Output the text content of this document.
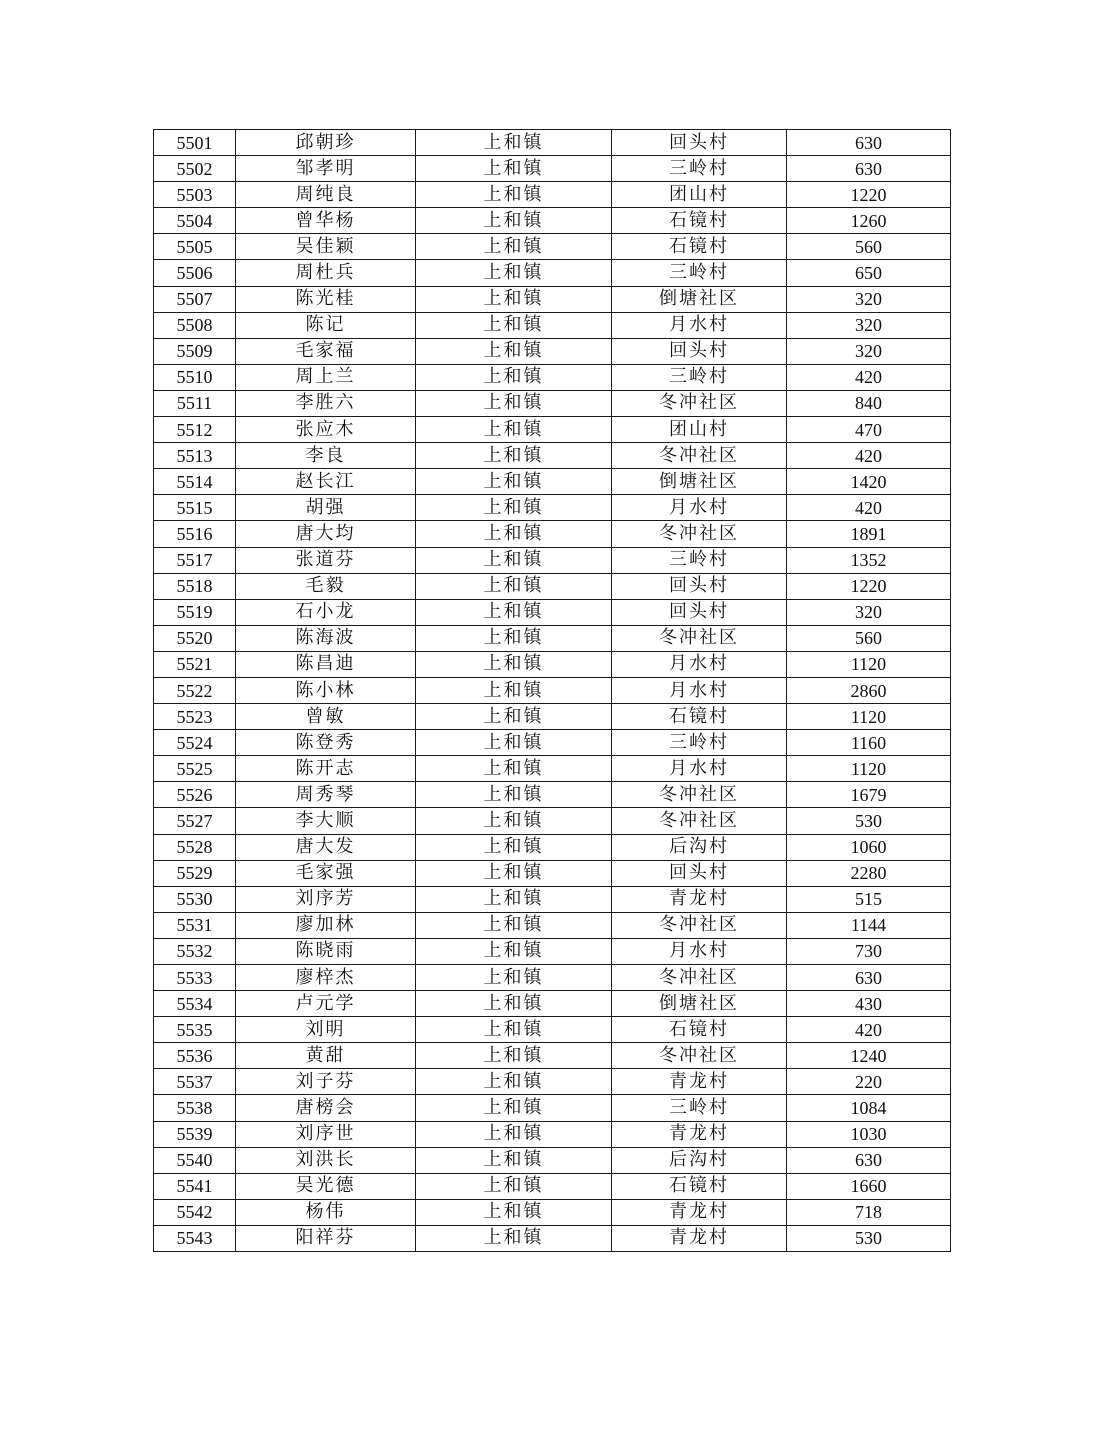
5501	邱朝珍	上和镇	回头村	630
5502	邹孝明	上和镇	三岭村	630
5503	周纯良	上和镇	团山村	1220
5504	曾华杨	上和镇	石镜村	1260
5505	吴佳颖	上和镇	石镜村	560
5506	周杜兵	上和镇	三岭村	650
5507	陈光桂	上和镇	倒塘社区	320
5508	陈记	上和镇	月水村	320
5509	毛家福	上和镇	回头村	320
5510	周上兰	上和镇	三岭村	420
5511	李胜六	上和镇	冬冲社区	840
5512	张应木	上和镇	团山村	470
5513	李良	上和镇	冬冲社区	420
5514	赵长江	上和镇	倒塘社区	1420
5515	胡强	上和镇	月水村	420
5516	唐大均	上和镇	冬冲社区	1891
5517	张道芬	上和镇	三岭村	1352
5518	毛毅	上和镇	回头村	1220
5519	石小龙	上和镇	回头村	320
5520	陈海波	上和镇	冬冲社区	560
5521	陈昌迪	上和镇	月水村	1120
5522	陈小林	上和镇	月水村	2860
5523	曾敏	上和镇	石镜村	1120
5524	陈登秀	上和镇	三岭村	1160
5525	陈开志	上和镇	月水村	1120
5526	周秀琴	上和镇	冬冲社区	1679
5527	李大顺	上和镇	冬冲社区	530
5528	唐大发	上和镇	后沟村	1060
5529	毛家强	上和镇	回头村	2280
5530	刘序芳	上和镇	青龙村	515
5531	廖加林	上和镇	冬冲社区	1144
5532	陈晓雨	上和镇	月水村	730
5533	廖梓杰	上和镇	冬冲社区	630
5534	卢元学	上和镇	倒塘社区	430
5535	刘明	上和镇	石镜村	420
5536	黄甜	上和镇	冬冲社区	1240
5537	刘子芬	上和镇	青龙村	220
5538	唐榜会	上和镇	三岭村	1084
5539	刘序世	上和镇	青龙村	1030
5540	刘洪长	上和镇	后沟村	630
5541	吴光德	上和镇	石镜村	1660
5542	杨伟	上和镇	青龙村	718
5543	阳祥芬	上和镇	青龙村	530
